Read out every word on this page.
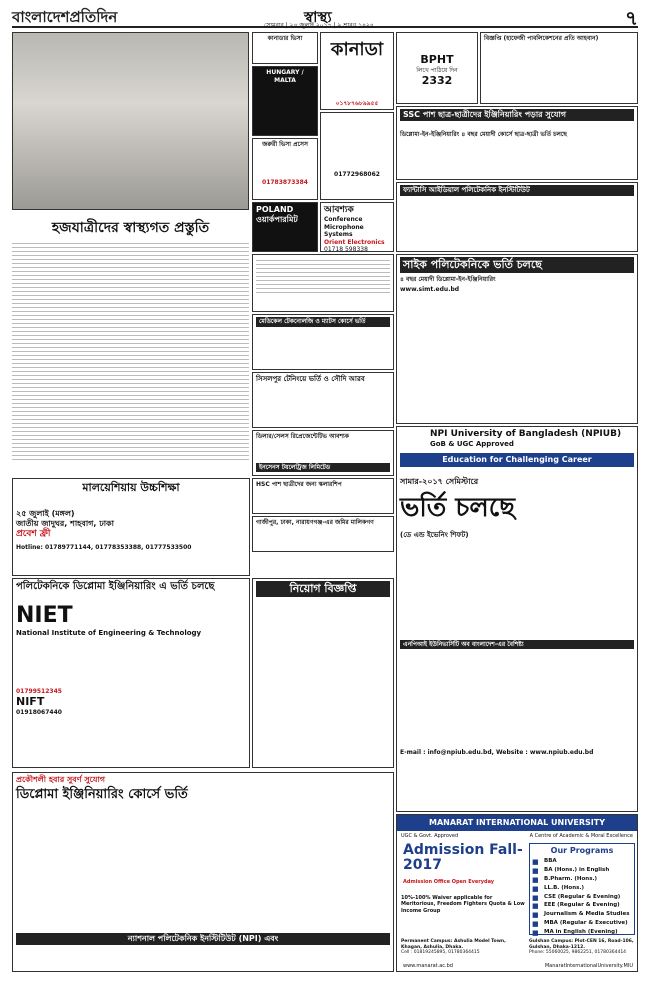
বাংলাদেশপ্রতিদিন	স্বাস্থ্য
সোমবার | ২৪ জুলাই ২০১৭ | ৯ শ্রাবণ ১৪২৪	৭
হজযাত্রীদের স্বাস্থ্যগত প্রস্তুতি
কানাডার ভিসা
HUNGARY / MALTA
জরুরী ভিসা প্রসেস
01783873384
কানাডা
০১৭৮৭৬৮৯৯৫৫
01772968062
BPHT
লিখে পাঠিয়ে দিন
2332
বিজ্ঞপ্তি (হাফেজী পাবলিকেশনের প্রতি আহবান)
SSC পাশ ছাত্র-ছাত্রীদের ইঞ্জিনিয়ারিং পড়ার সুযোগ
ডিপ্লোমা-ইন-ইঞ্জিনিয়ারিং ৪ বছর মেয়াদী কোর্সে ছাত্র-ছাত্রী ভর্তি চলছে
ফ্যান্টাসি আইডিয়াল পলিটেকনিক ইনস্টিটিউট
POLAND ওয়ার্কপারমিট
আবশ্যক
Conference Microphone Systems
Orient Electronics
01718 598338
মেডিকেল টেকনোলজি ও ম্যাটস কোর্সে ভর্তি
সিসলপুর টেনিংয়ে ভর্তি ও সৌদি আরব
ডিলার/সেলস রিপ্রেজেন্টেটিভ আবশ্যক
ইনসেনস টয়লেট্রিজ লিমিটেড
সাইক পলিটেকনিকে ভর্তি চলছে
৪ বছর মেয়াদী ডিপ্লোমা-ইন-ইঞ্জিনিয়ারিং
www.simt.edu.bd
HSC পাশ ছাত্রীদের জন্য স্কলারশিপ
গাজীপুর, ঢাকা, নারায়ণগঞ্জ-এর জমির মালিকগণ
মালয়েশিয়ায় উচ্চশিক্ষা
২৫ জুলাই (মঙ্গল)
জাতীয় জাদুঘর, শাহবাগ, ঢাকা
প্রবেশ ফ্রী
Hotline: 01789771144, 01778353388, 01777533500
NPI University of Bangladesh (NPIUB)
GoB & UGC Approved
Education for Challenging Career
সামার-২০১৭ সেমিস্টারে
ভর্তি চলছে
(ডে এন্ড ইভেনিং শিফট)
এনপিআই ইউনিভার্সিটি অব বাংলাদেশ-এর বৈশিষ্ট্য
E-mail : info@npiub.edu.bd, Website : www.npiub.edu.bd
পলিটেকনিকে ডিপ্লোমা ইঞ্জিনিয়ারিং এ ভর্তি চলছে
NIET
National Institute of Engineering & Technology
01799512345
NIFT
01918067440
নিয়োগ বিজ্ঞপ্তি
প্রকৌশলী হবার সুবর্ণ সুযোগ
ডিপ্লোমা ইঞ্জিনিয়ারিং কোর্সে ভর্তি
ন্যাশনাল পলিটেকনিক ইনস্টিটিউট (NPI) এবং
MANARAT INTERNATIONAL UNIVERSITY
UGC & Govt. Approved	A Centre of Academic & Moral Excellence
Admission Fall-2017
Admission Office Open Everyday
10%-100% Waiver applicable for Meritorious, Freedom Fighters Quota & Low Income Group
Our Programs
■ BBA
■ BA (Hons.) in English
■ B.Pharm. (Hons.)
■ LL.B. (Hons.)
■ CSE (Regular & Evening)
■ EEE (Regular & Evening)
■ Journalism & Media Studies
■ MBA (Regular & Executive)
■ MA in English (Evening)
Permanent Campus: Ashulia Model Town, Khagan, Ashulia, Dhaka.
Cell : 01819245895, 01780364415
Gulshan Campus: Plot-CEN 16, Road-106, Gulshan, Dhaka-1212.
Phone: 55060025, 9862251, 01780364414
www.manarat.ac.bd	ManaratInternationalUniversity.MIU
